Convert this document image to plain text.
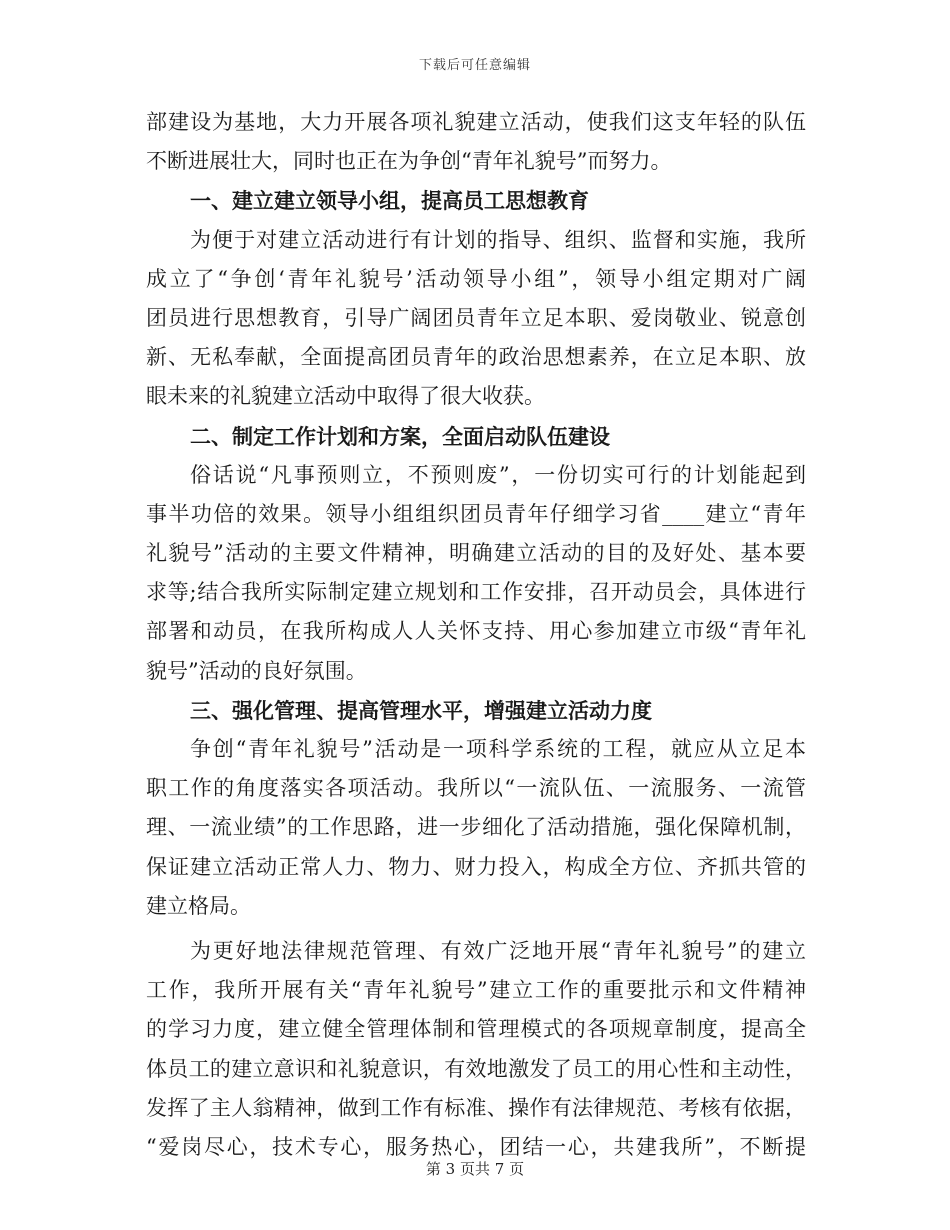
下载后可任意编辑
部建设为基地，大力开展各项礼貌建立活动，使我们这支年轻的队伍
不断进展壮大，同时也正在为争创“青年礼貌号”而努力。
一、建立建立领导小组，提高员工思想教育
为便于对建立活动进行有计划的指导、组织、监督和实施，我所
成立了“争创‘青年礼貌号’活动领导小组”，领导小组定期对广阔
团员进行思想教育，引导广阔团员青年立足本职、爱岗敬业、锐意创
新、无私奉献，全面提高团员青年的政治思想素养，在立足本职、放
眼未来的礼貌建立活动中取得了很大收获。
二、制定工作计划和方案，全面启动队伍建设
俗话说“凡事预则立，不预则废”，一份切实可行的计划能起到
事半功倍的效果。领导小组组织团员青年仔细学习省____建立“青年
礼貌号”活动的主要文件精神，明确建立活动的目的及好处、基本要
求等;结合我所实际制定建立规划和工作安排，召开动员会，具体进行
部署和动员，在我所构成人人关怀支持、用心参加建立市级“青年礼
貌号”活动的良好氛围。
三、强化管理、提高管理水平，增强建立活动力度
争创“青年礼貌号”活动是一项科学系统的工程，就应从立足本
职工作的角度落实各项活动。我所以“一流队伍、一流服务、一流管
理、一流业绩”的工作思路，进一步细化了活动措施，强化保障机制，
保证建立活动正常人力、物力、财力投入，构成全方位、齐抓共管的
建立格局。
为更好地法律规范管理、有效广泛地开展“青年礼貌号”的建立
工作，我所开展有关“青年礼貌号”建立工作的重要批示和文件精神
的学习力度，建立健全管理体制和管理模式的各项规章制度，提高全
体员工的建立意识和礼貌意识，有效地激发了员工的用心性和主动性，
发挥了主人翁精神，做到工作有标准、操作有法律规范、考核有依据，
“爱岗尽心，技术专心，服务热心，团结一心，共建我所”，不断提
第 3 页共 7 页
